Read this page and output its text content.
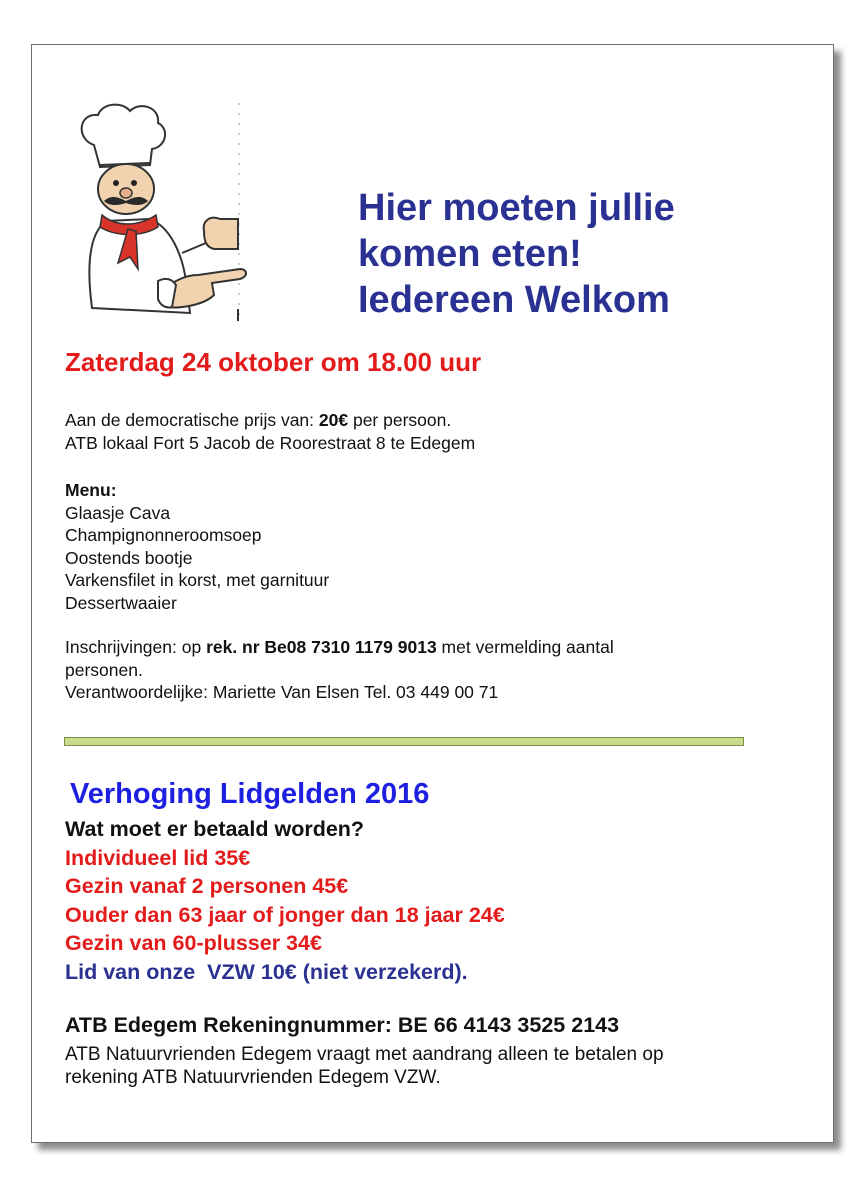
Hier moeten jullie
komen eten!
Iedereen Welkom
Zaterdag 24 oktober om 18.00 uur
Aan de democratische prijs van: 20€ per persoon.
ATB lokaal Fort 5 Jacob de Roorestraat 8 te Edegem
Menu:
Glaasje Cava
Champignonneroomsoep
Oostends bootje
Varkensfilet in korst, met garnituur
Dessertwaaier
Inschrijvingen: op rek. nr Be08 7310 1179 9013 met vermelding aantal
personen.
Verantwoordelijke: Mariette Van Elsen Tel. 03 449 00 71
Verhoging Lidgelden 2016
Wat moet er betaald worden?
Individueel lid 35€
Gezin vanaf 2 personen 45€
Ouder dan 63 jaar of jonger dan 18 jaar 24€
Gezin van 60-plusser 34€
Lid van onze  VZW 10€ (niet verzekerd).
ATB Edegem Rekeningnummer: BE 66 4143 3525 2143
ATB Natuurvrienden Edegem vraagt met aandrang alleen te betalen op
rekening ATB Natuurvrienden Edegem VZW.
